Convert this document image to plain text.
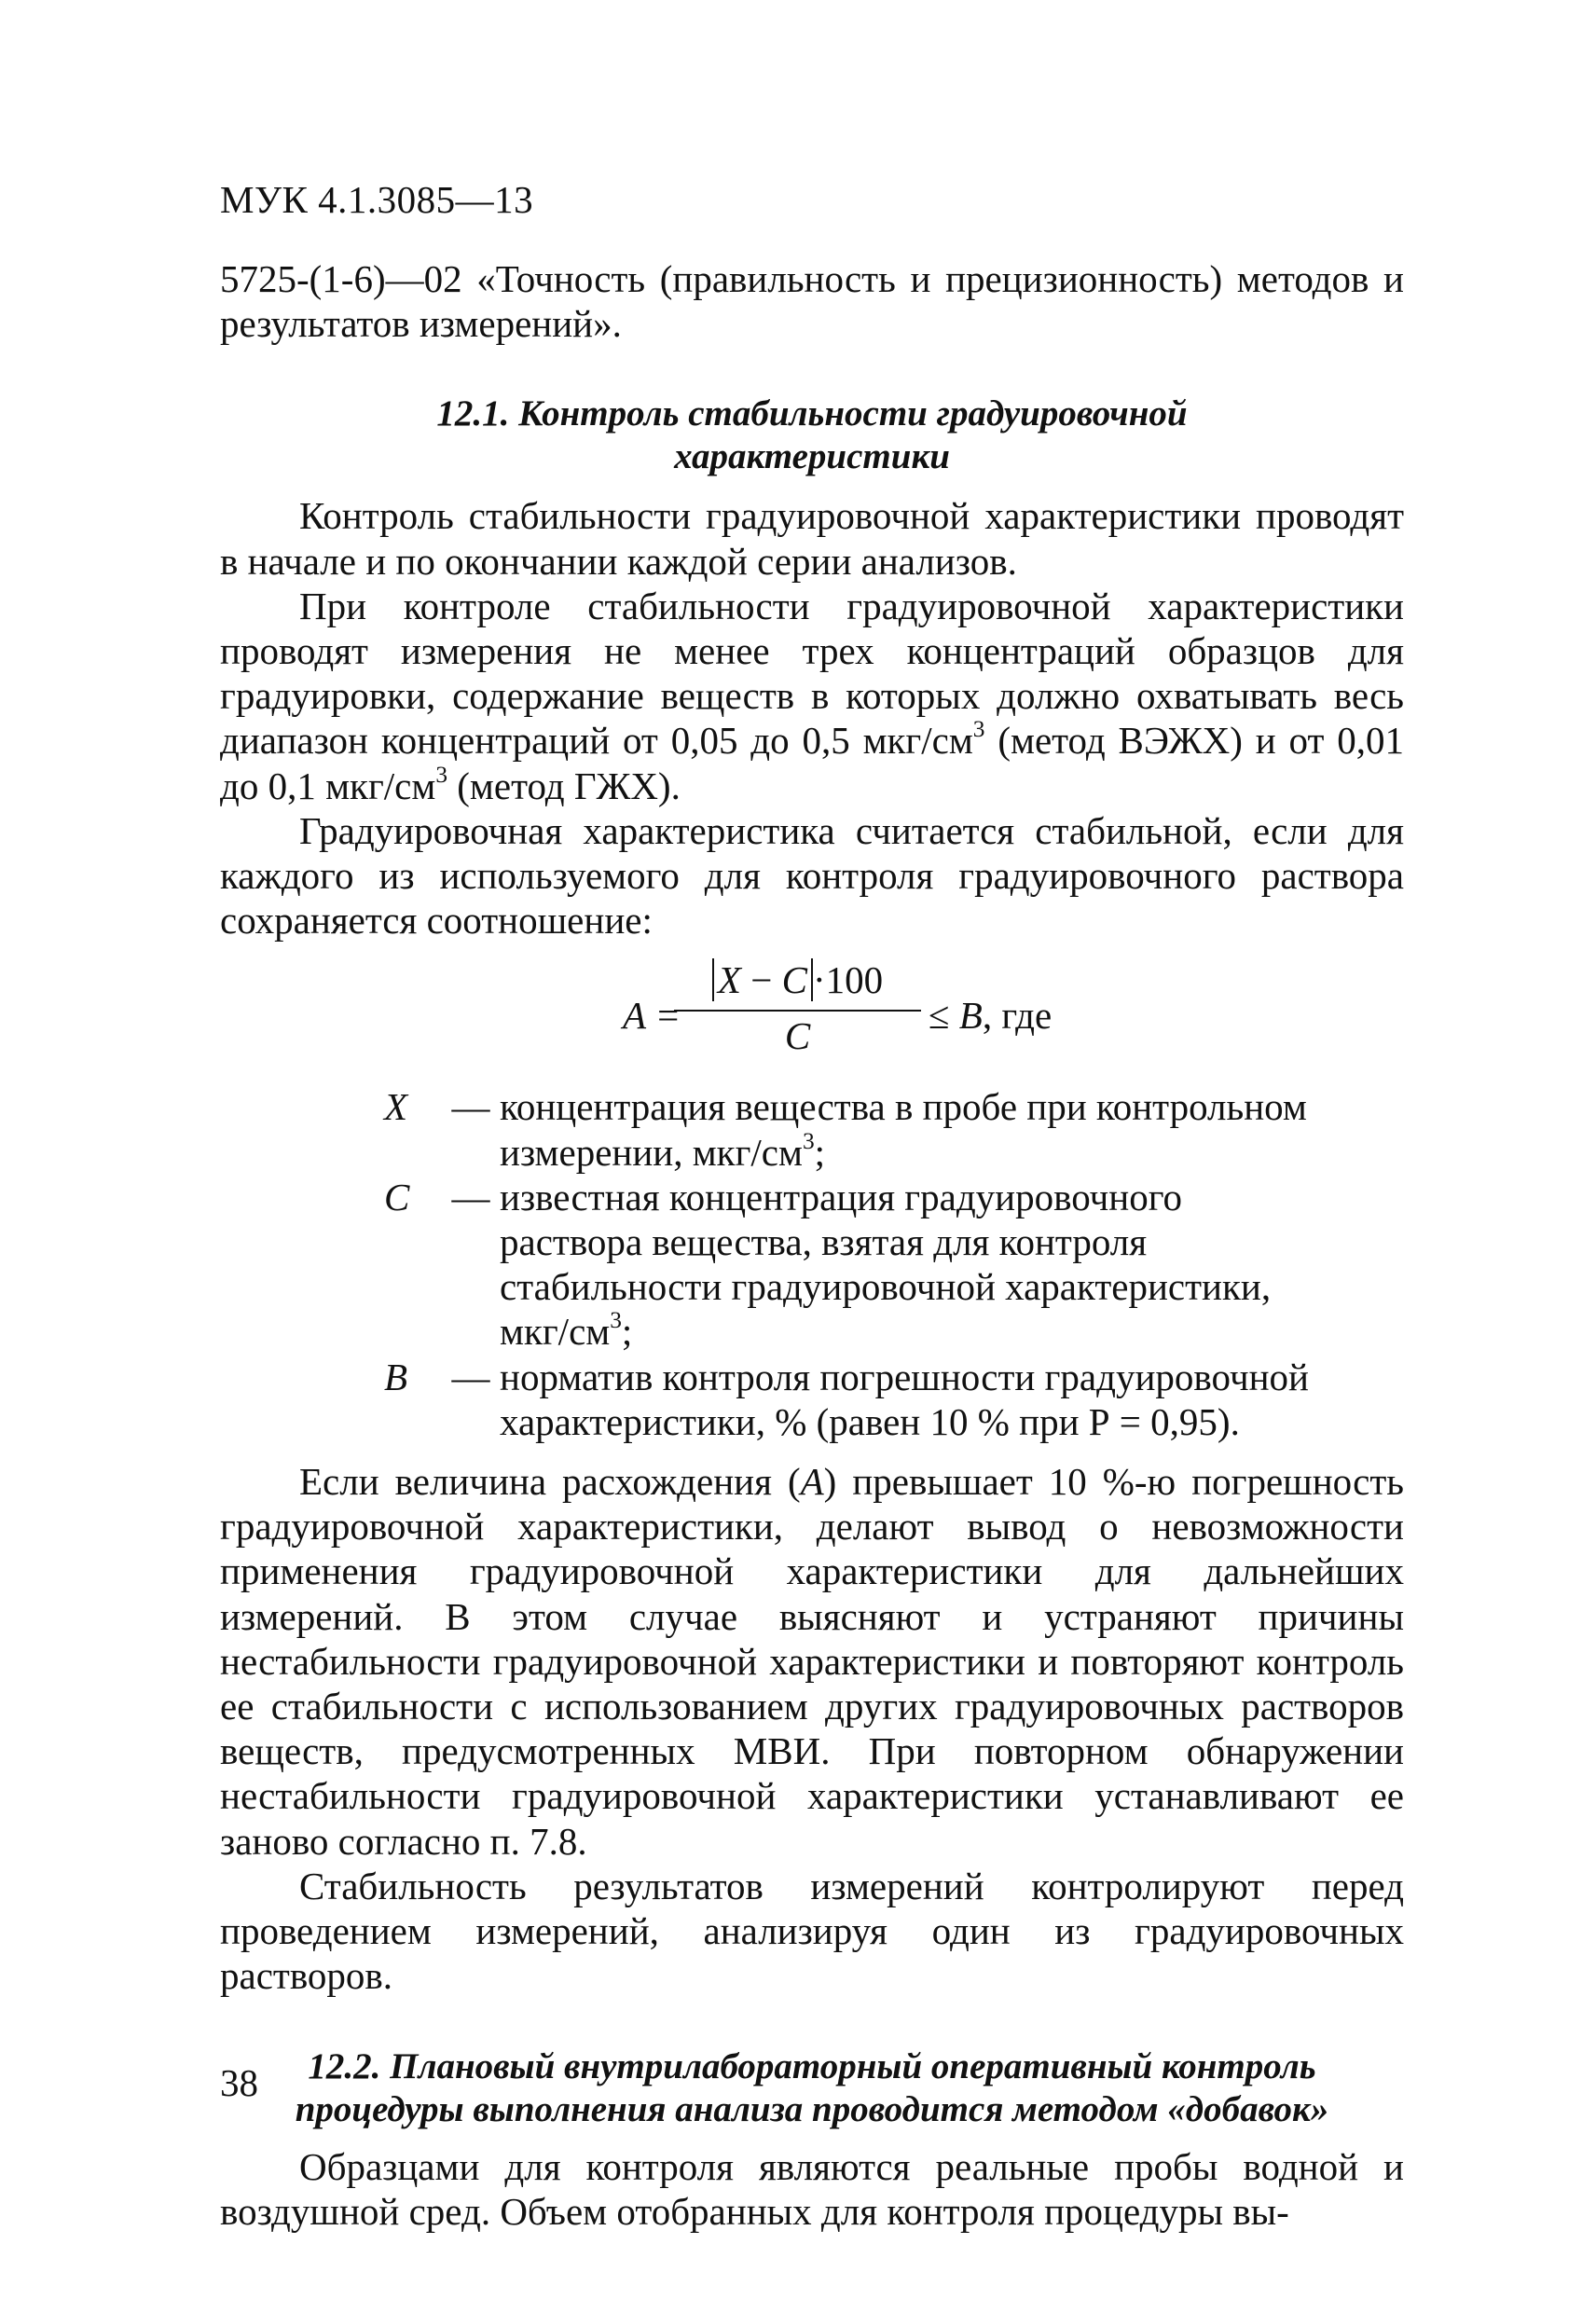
МУК 4.1.3085—13

5725-(1-6)—02 «Точность (правильность и прецизионность) методов и результатов измерений».

12.1. Контроль стабильности градуировочной
характеристики

Контроль стабильности градуировочной характеристики проводят в начале и по окончании каждой серии анализов.

При контроле стабильности градуировочной характеристики проводят измерения не менее трех концентраций образцов для градуировки, содержание веществ в которых должно охватывать весь диапазон концентраций от 0,05 до 0,5 мкг/$см^3$ (метод ВЭЖХ) и от 0,01 до 0,1 мкг/$см^3$ (метод ГЖХ).

Градуировочная характеристика считается стабильной, если для каждого из используемого для контроля градуировочного раствора сохраняется соотношение:

A =
X − C ·100
C	≤ B, где
X	— концентрация вещества в пробе при контрольном измерении, мкг/$см^3$;
C	— известная концентрация градуировочного раствора вещества, взятая для контроля стабильности градуировочной характеристики, мкг/$см^3$;
B	— норматив контроля погрешности градуировочной характеристики, % (равен 10 % при Р = 0,95).

Если величина расхождения (A) превышает 10 %-ю погрешность градуировочной характеристики, делают вывод о невозможности применения градуировочной характеристики для дальнейших измерений. В этом случае выясняют и устраняют причины нестабильности градуировочной характеристики и повторяют контроль ее стабильности с использованием других градуировочных растворов веществ, предусмотренных МВИ. При повторном обнаружении нестабильности градуировочной характеристики устанавливают ее заново согласно п. 7.8.

Стабильность результатов измерений контролируют перед проведением измерений, анализируя один из градуировочных растворов.

12.2. Плановый внутрилабораторный оперативный контроль
процедуры выполнения анализа проводится методом «добавок»

Образцами для контроля являются реальные пробы водной и воздушной сред. Объем отобранных для контроля процедуры вы-

38
